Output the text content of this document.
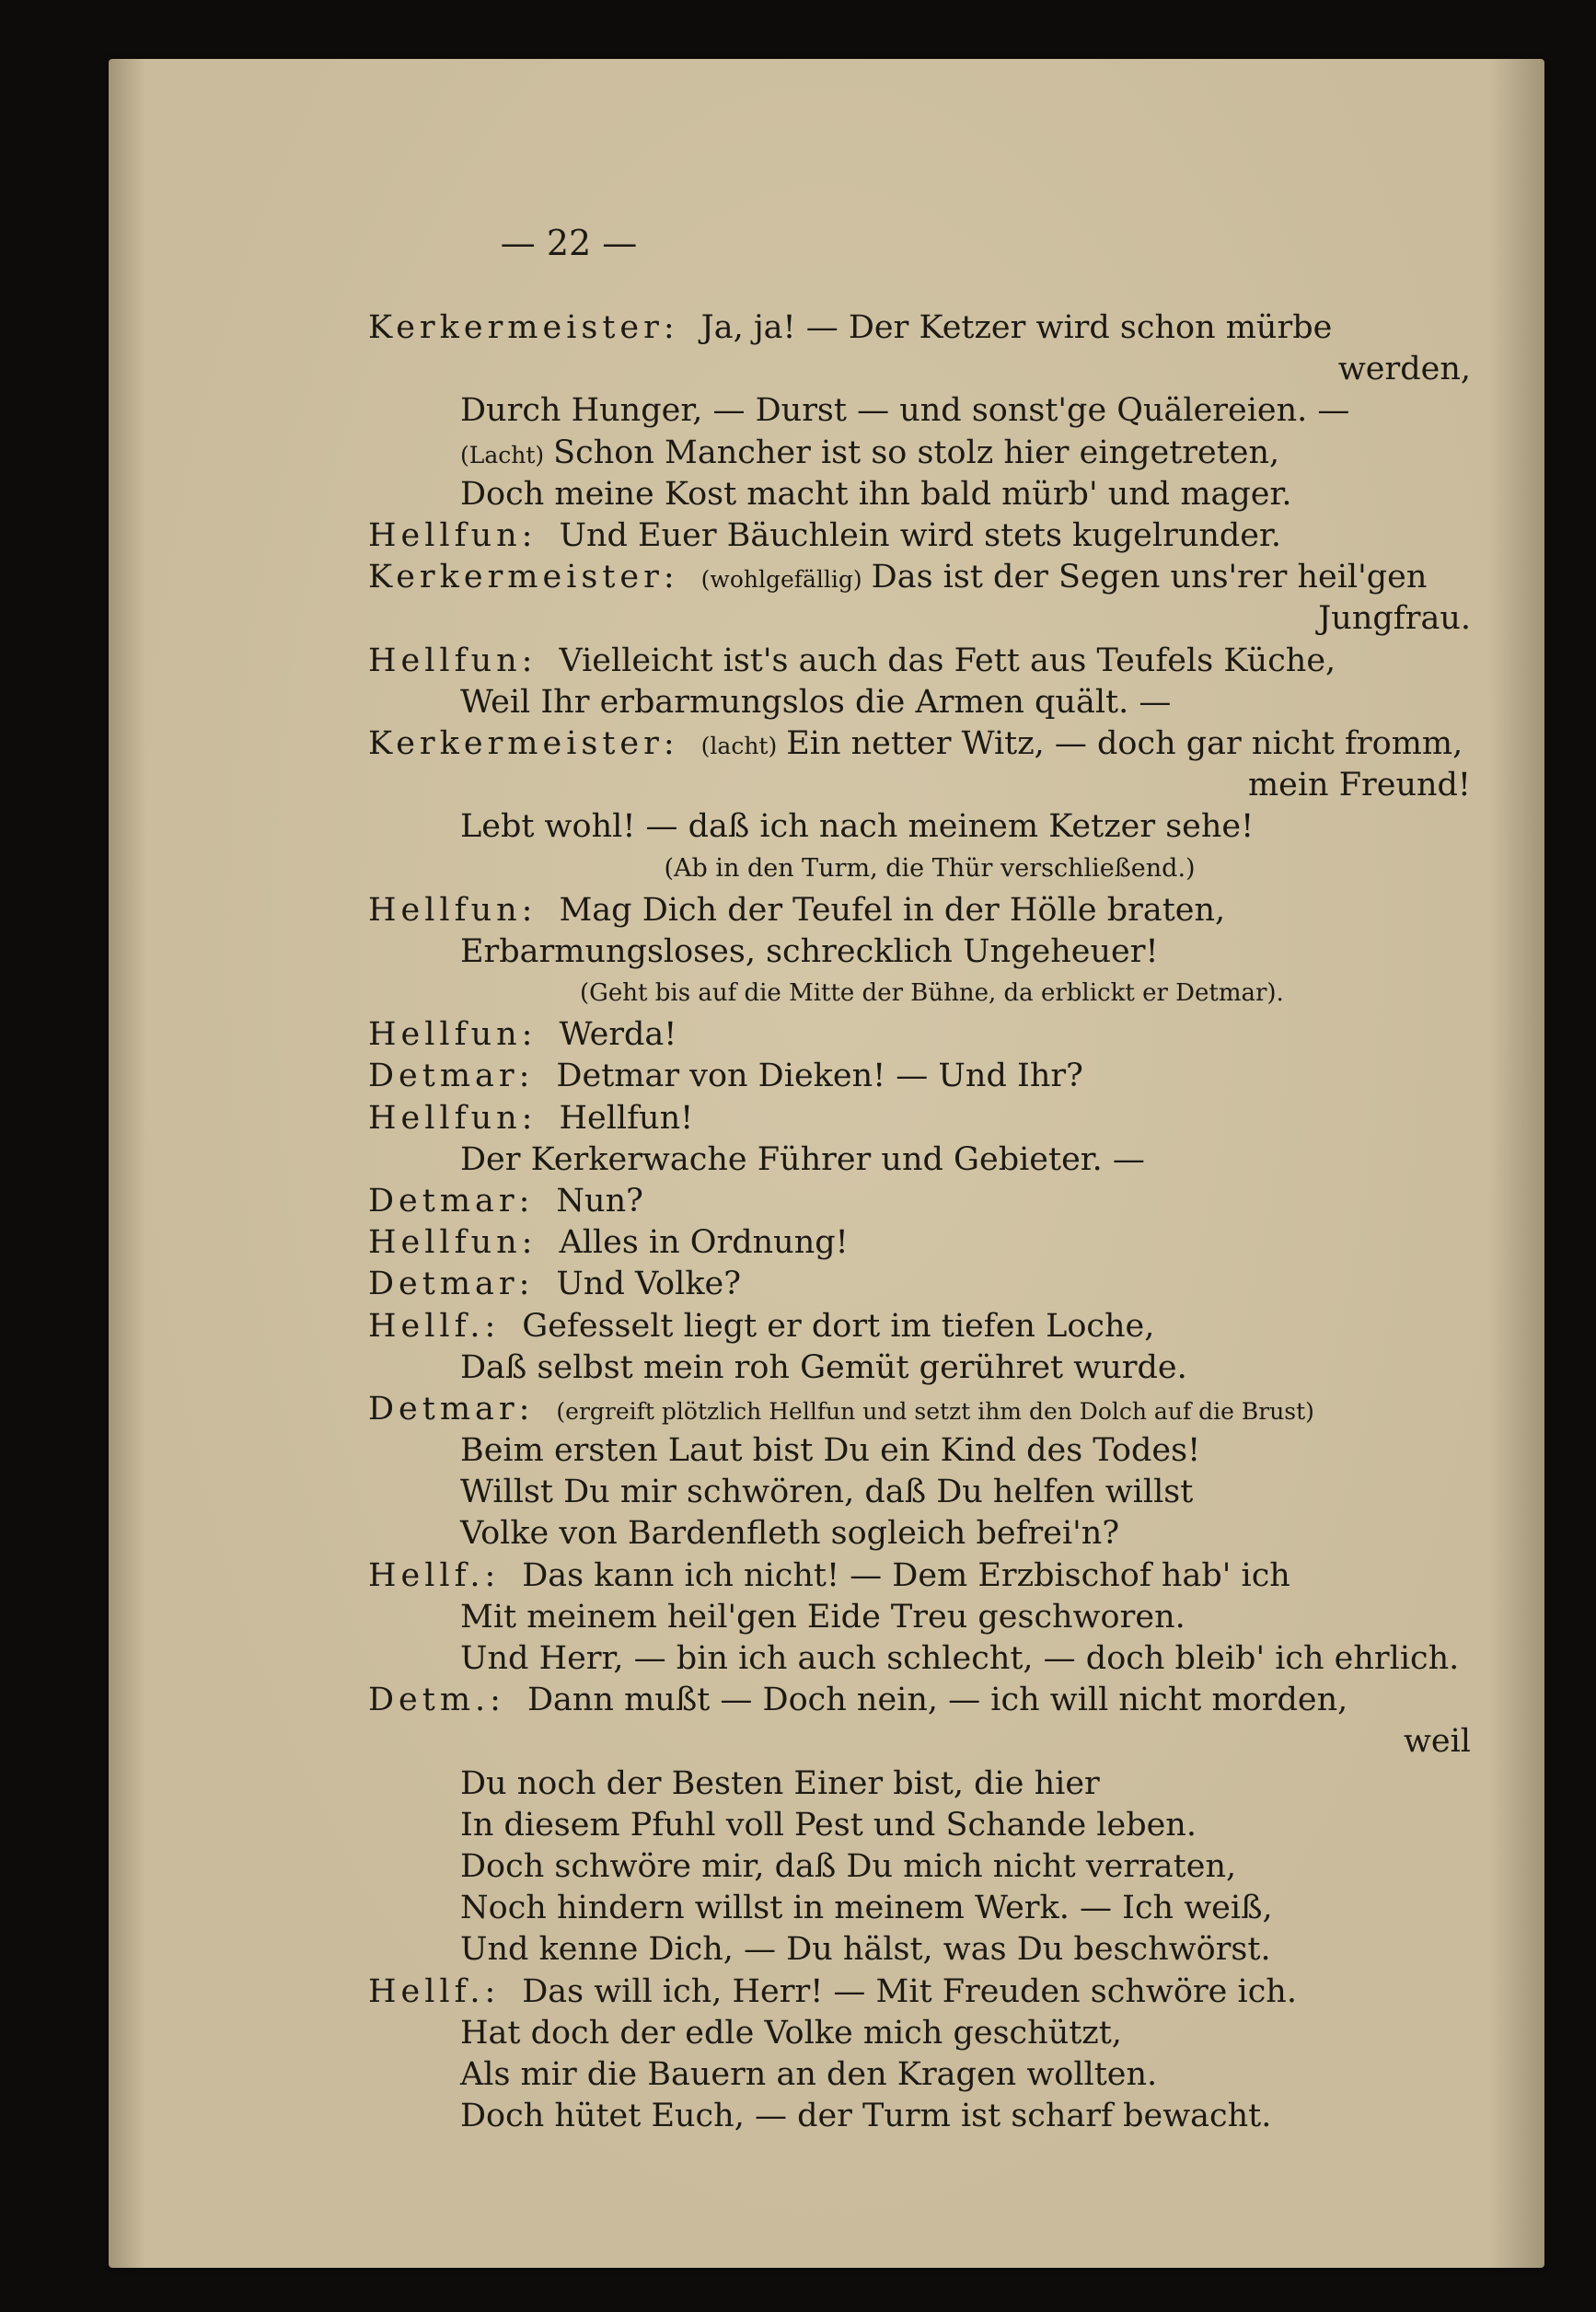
— 22 —
Kerkermeister: Ja, ja! — Der Ketzer wird schon mürbe
werden,
Durch Hunger, — Durst — und sonst'ge Quälereien. —
(Lacht) Schon Mancher ist so stolz hier eingetreten,
Doch meine Kost macht ihn bald mürb' und mager.
Hellfun: Und Euer Bäuchlein wird stets kugelrunder.
Kerkermeister: (wohlgefällig) Das ist der Segen uns'rer heil'gen
Jungfrau.
Hellfun: Vielleicht ist's auch das Fett aus Teufels Küche,
Weil Ihr erbarmungslos die Armen quält. —
Kerkermeister: (lacht) Ein netter Witz, — doch gar nicht fromm,
mein Freund!
Lebt wohl! — daß ich nach meinem Ketzer sehe!
(Ab in den Turm, die Thür verschließend.)
Hellfun: Mag Dich der Teufel in der Hölle braten,
Erbarmungsloses, schrecklich Ungeheuer!
(Geht bis auf die Mitte der Bühne, da erblickt er Detmar).
Hellfun: Werda!
Detmar: Detmar von Dieken! — Und Ihr?
Hellfun: Hellfun!
Der Kerkerwache Führer und Gebieter. —
Detmar: Nun?
Hellfun: Alles in Ordnung!
Detmar: Und Volke?
Hellf.: Gefesselt liegt er dort im tiefen Loche,
Daß selbst mein roh Gemüt gerühret wurde.
Detmar: (ergreift plötzlich Hellfun und setzt ihm den Dolch auf die Brust)
Beim ersten Laut bist Du ein Kind des Todes!
Willst Du mir schwören, daß Du helfen willst
Volke von Bardenfleth sogleich befrei'n?
Hellf.: Das kann ich nicht! — Dem Erzbischof hab' ich
Mit meinem heil'gen Eide Treu geschworen.
Und Herr, — bin ich auch schlecht, — doch bleib' ich ehrlich.
Detm.: Dann mußt — Doch nein, — ich will nicht morden,
weil
Du noch der Besten Einer bist, die hier
In diesem Pfuhl voll Pest und Schande leben.
Doch schwöre mir, daß Du mich nicht verraten,
Noch hindern willst in meinem Werk. — Ich weiß,
Und kenne Dich, — Du hälst, was Du beschwörst.
Hellf.: Das will ich, Herr! — Mit Freuden schwöre ich.
Hat doch der edle Volke mich geschützt,
Als mir die Bauern an den Kragen wollten.
Doch hütet Euch, — der Turm ist scharf bewacht.
